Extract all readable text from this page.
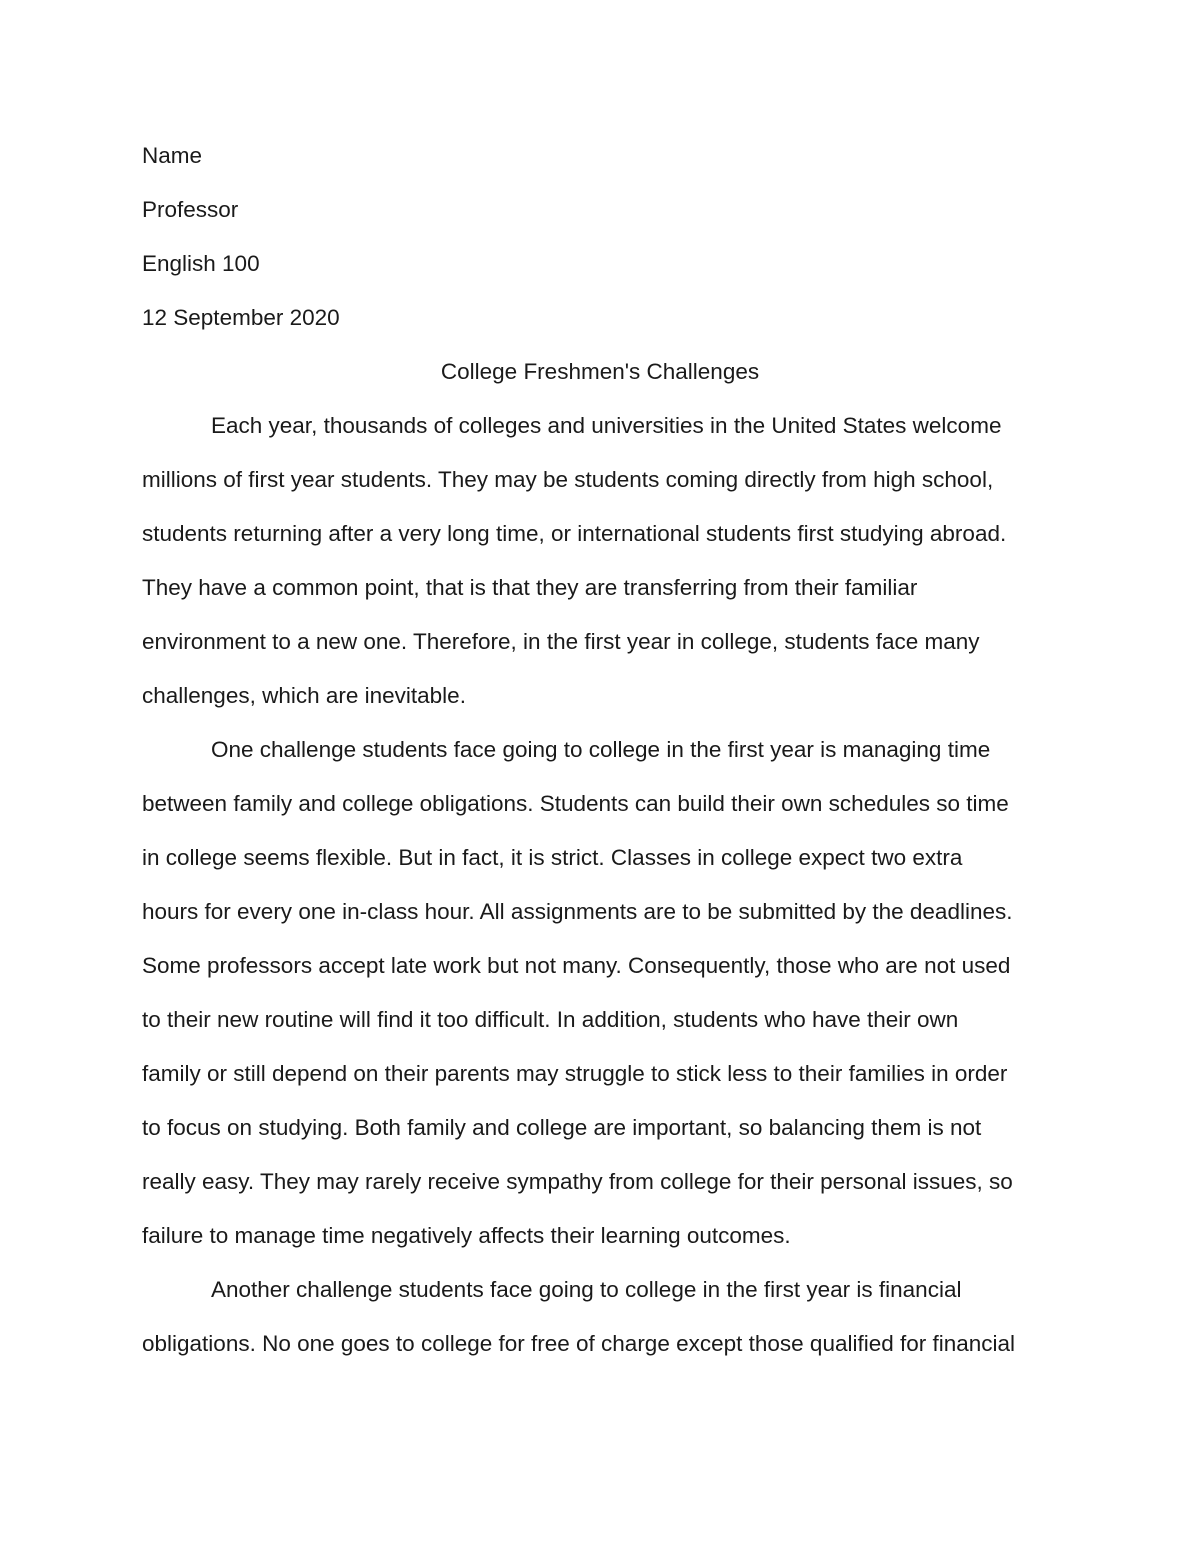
Name
Professor
English 100
12 September 2020
College Freshmen's Challenges
Each year, thousands of colleges and universities in the United States welcome
millions of first year students. They may be students coming directly from high school,
students returning after a very long time, or international students first studying abroad.
They have a common point, that is that they are transferring from their familiar
environment to a new one. Therefore, in the first year in college, students face many
challenges, which are inevitable.
One challenge students face going to college in the first year is managing time
between family and college obligations. Students can build their own schedules so time
in college seems flexible. But in fact, it is strict. Classes in college expect two extra
hours for every one in-class hour. All assignments are to be submitted by the deadlines.
Some professors accept late work but not many. Consequently, those who are not used
to their new routine will find it too difficult. In addition, students who have their own
family or still depend on their parents may struggle to stick less to their families in order
to focus on studying. Both family and college are important, so balancing them is not
really easy. They may rarely receive sympathy from college for their personal issues, so
failure to manage time negatively affects their learning outcomes.
Another challenge students face going to college in the first year is financial
obligations. No one goes to college for free of charge except those qualified for financial
